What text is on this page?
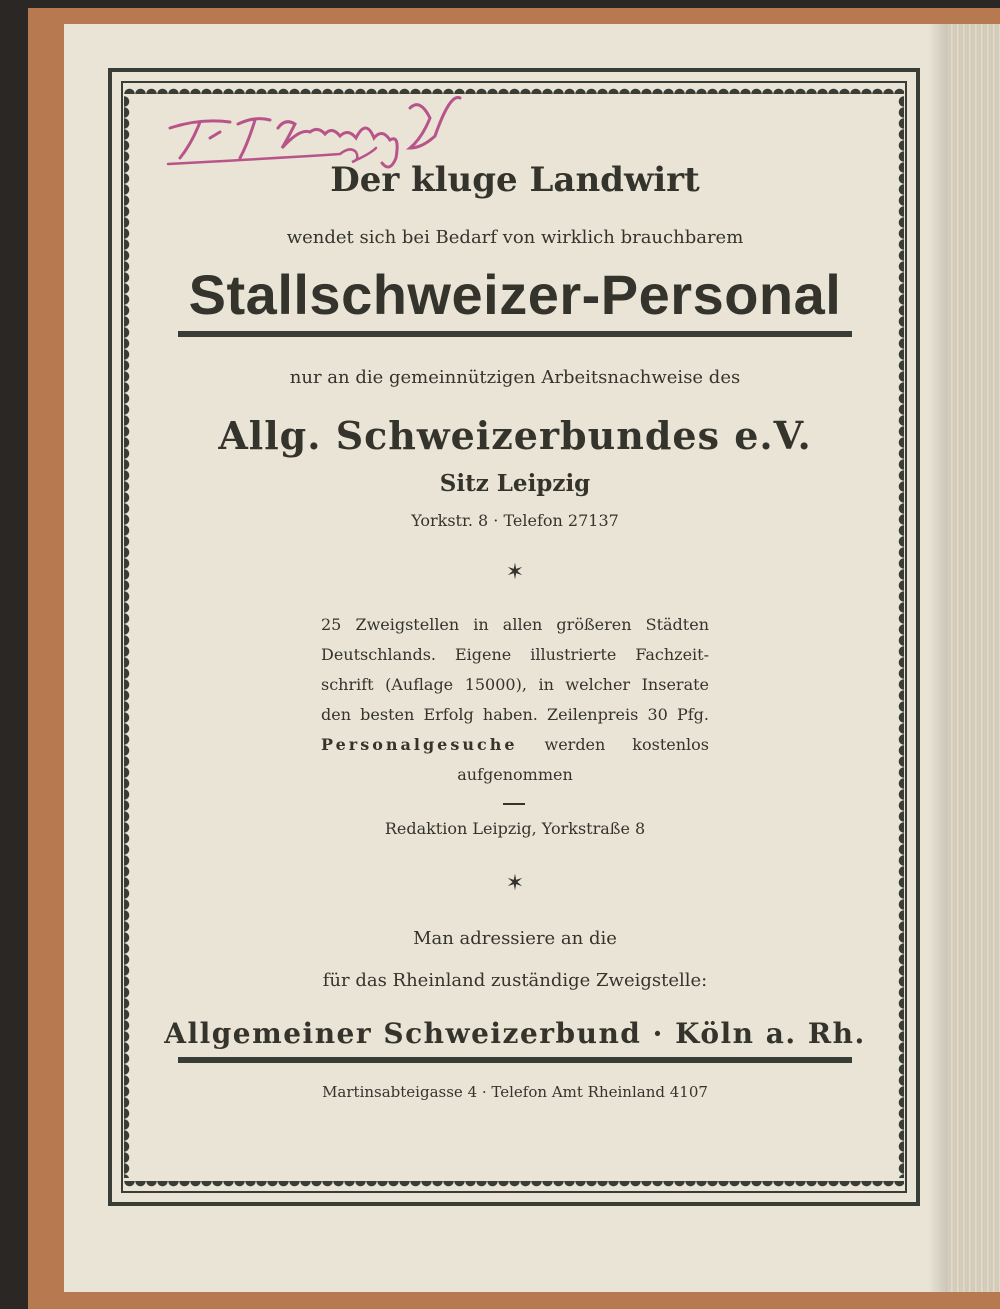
Der kluge Landwirt
wendet sich bei Bedarf von wirklich brauchbarem
Stallschweizer-Personal
nur an die gemeinnützigen Arbeitsnachweise des
Allg. Schweizerbundes e.V.
Sitz Leipzig
Yorkstr. 8 · Telefon 27137
✶
25 Zweigstellen in allen größeren Städten
Deutschlands. Eigene illustrierte Fachzeit-
schrift (Auflage 15000), in welcher Inserate
den besten Erfolg haben. Zeilenpreis 30 Pfg.
Personalgesuche werden kostenlos
aufgenommen
Redaktion Leipzig, Yorkstraße 8
✶
Man adressiere an die
für das Rheinland zuständige Zweigstelle:
Allgemeiner Schweizerbund · Köln a. Rh.
Martinsabteigasse 4 · Telefon Amt Rheinland 4107
